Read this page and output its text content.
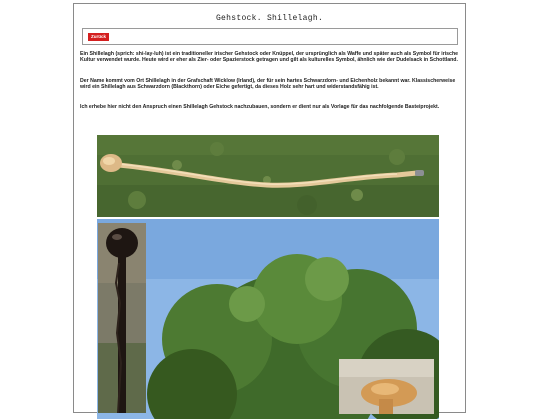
Gehstock. Shillelagh.
Zurück

Ein Shillelagh (sprich: shi-lay-luh) ist ein traditioneller irischer Gehstock oder Knüppel, der ursprünglich als Waffe und später auch als Symbol für irische Kultur verwendet wurde. Heute wird er eher als Zier- oder Spazierstock getragen und gilt als kulturelles Symbol, ähnlich wie der Dudelsack in Schottland.

Der Name kommt vom Ort Shillelagh in der Grafschaft Wicklow (Irland), der für sein hartes Schwarzdorn- und Eichenholz bekannt war. Klassischerweise wird ein Shillelagh aus Schwarzdorn (Blackthorn) oder Eiche gefertigt, da dieses Holz sehr hart und widerstandsfähig ist.

Ich erhebe hier nicht den Anspruch einen Shillelagh Gehstock nachzubauen, sondern er dient nur als Vorlage für das nachfolgende Basteiprojekt.
